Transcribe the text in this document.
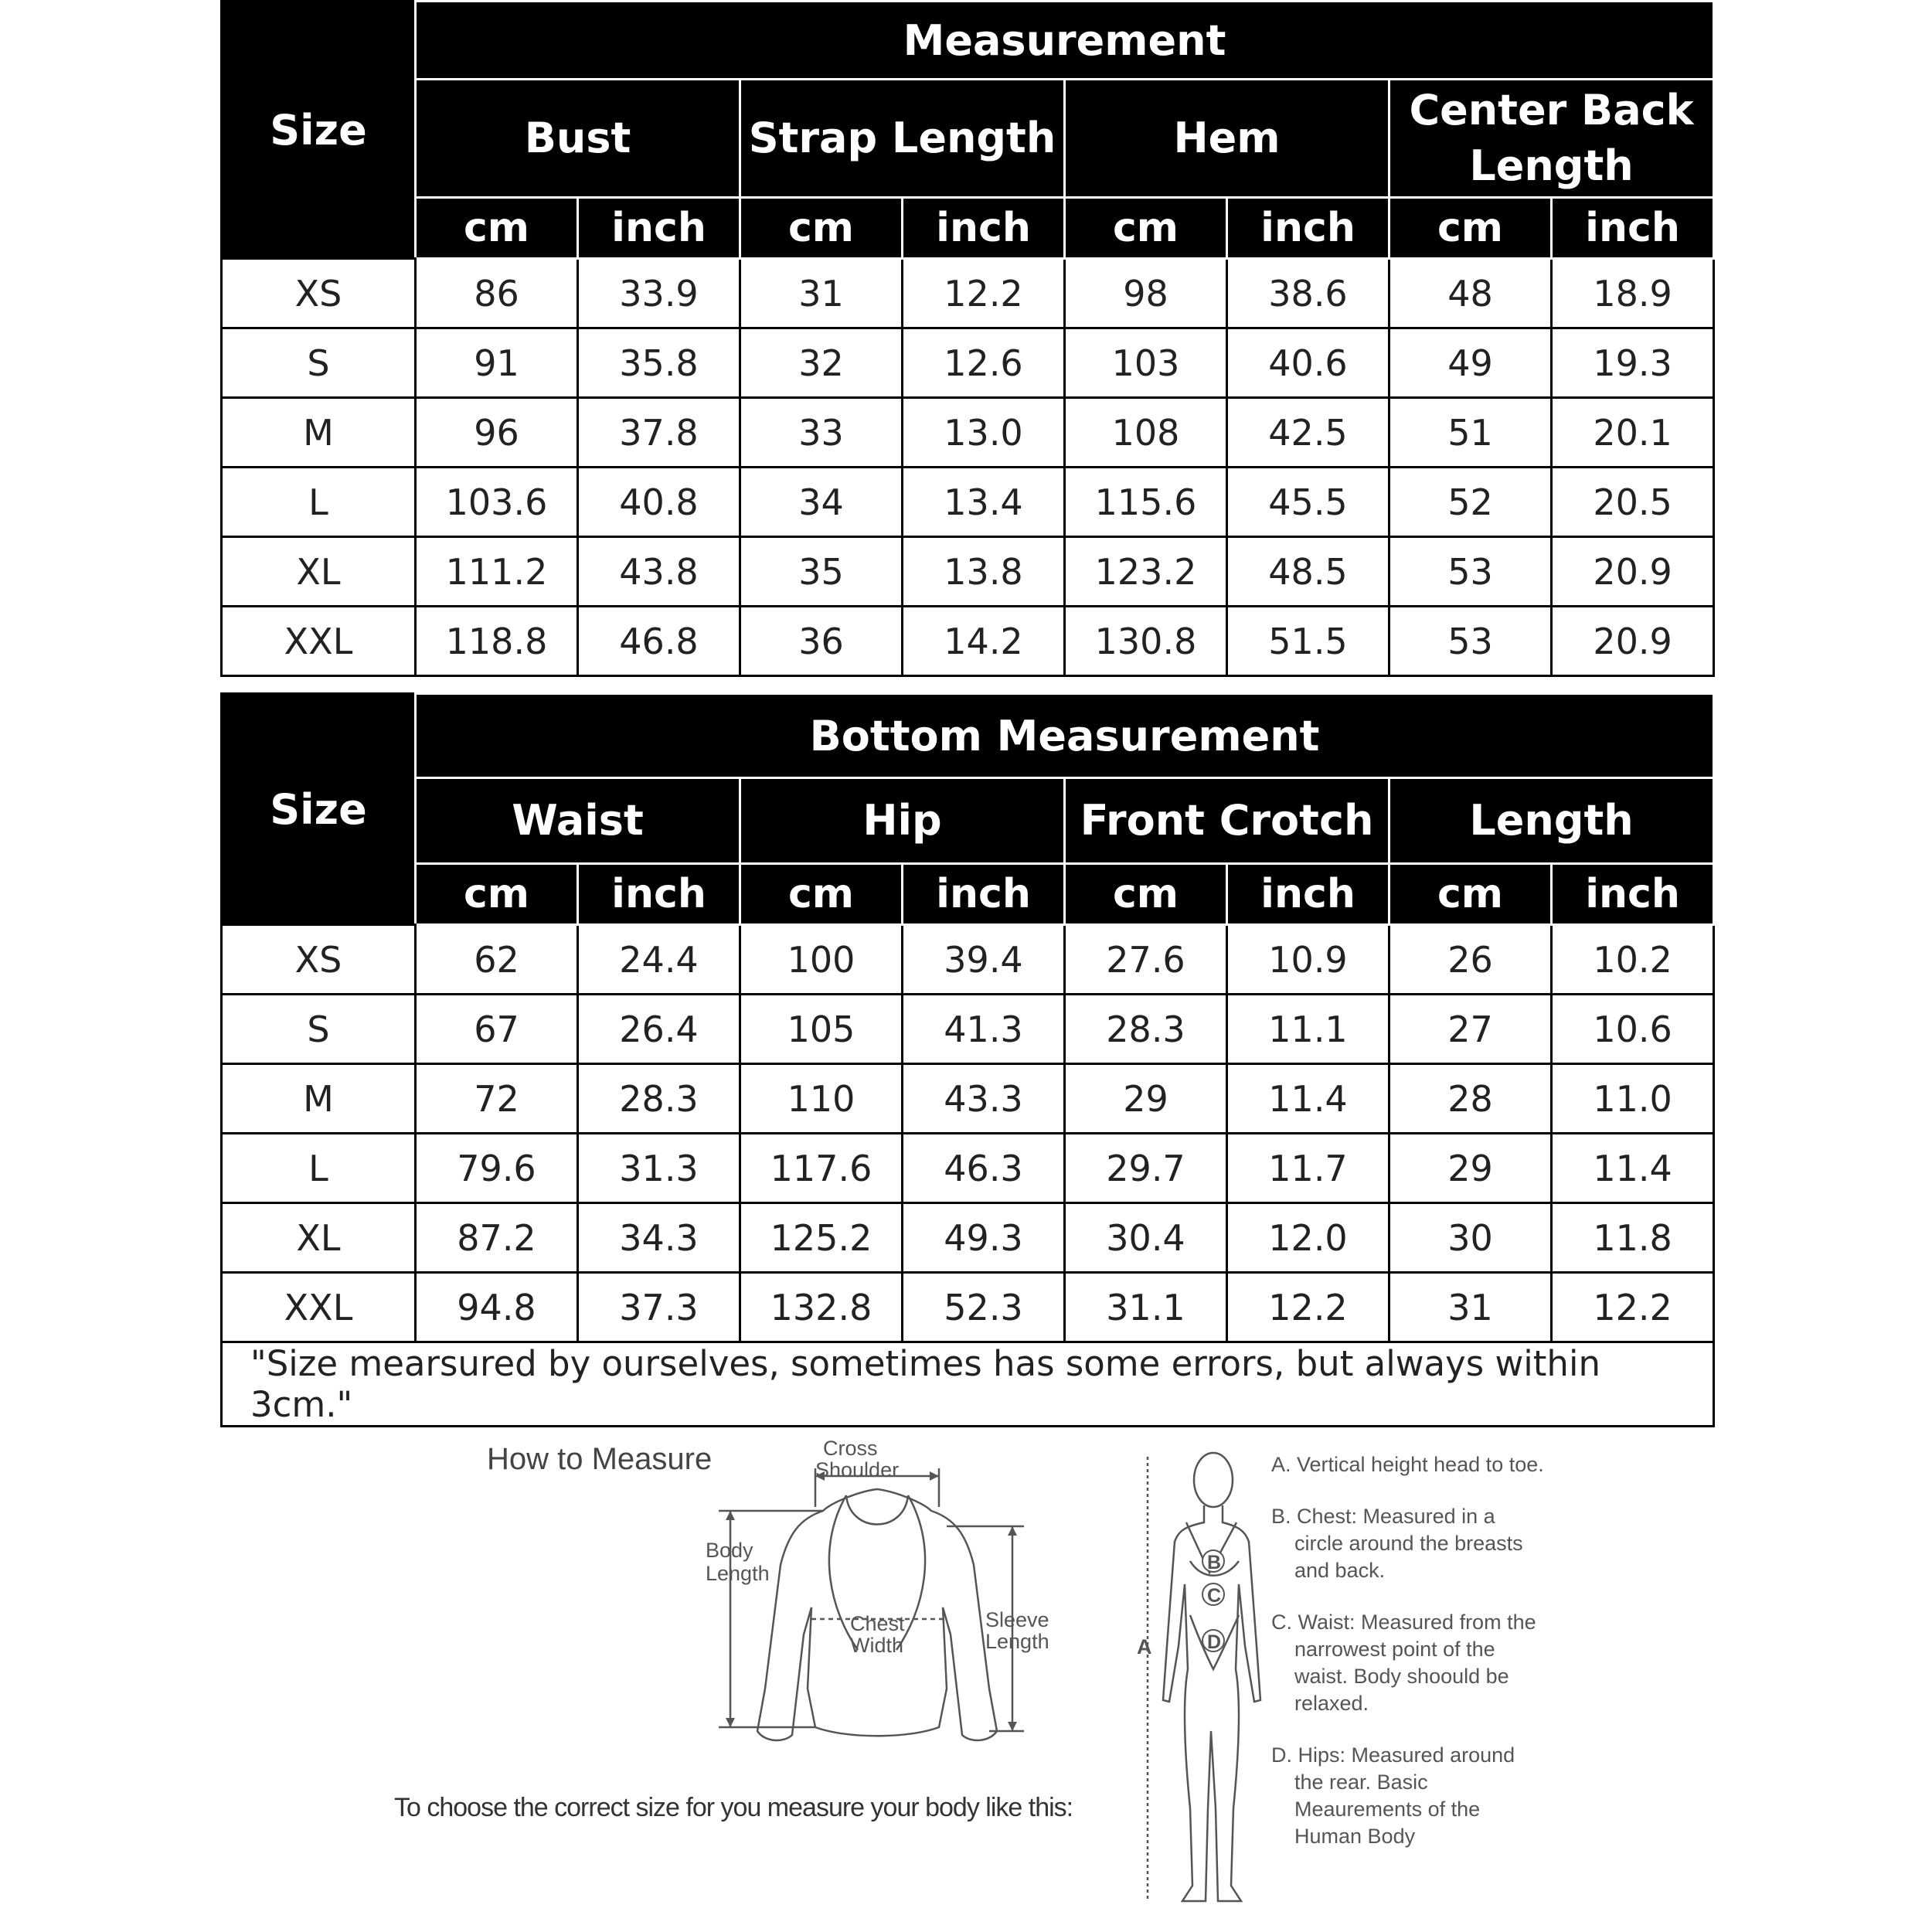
Size	Measurement							
	Bust		Strap Length		Hem		Center Back Length	
	cm	inch	cm	inch	cm	inch	cm	inch
XS	86	33.9	31	12.2	98	38.6	48	18.9
S	91	35.8	32	12.6	103	40.6	49	19.3
M	96	37.8	33	13.0	108	42.5	51	20.1
L	103.6	40.8	34	13.4	115.6	45.5	52	20.5
XL	111.2	43.8	35	13.8	123.2	48.5	53	20.9
XXL	118.8	46.8	36	14.2	130.8	51.5	53	20.9
Size	Bottom Measurement							
	Waist		Hip		Front Crotch		Length	
	cm	inch	cm	inch	cm	inch	cm	inch
XS	62	24.4	100	39.4	27.6	10.9	26	10.2
S	67	26.4	105	41.3	28.3	11.1	27	10.6
M	72	28.3	110	43.3	29	11.4	28	11.0
L	79.6	31.3	117.6	46.3	29.7	11.7	29	11.4
XL	87.2	34.3	125.2	49.3	30.4	12.0	30	11.8
XXL	94.8	37.3	132.8	52.3	31.1	12.2	31	12.2
"Size mearsured by ourselves, sometimes has some errors, but always within 3cm."								
How to Measure	Cross
Shoulder
Body
Length
Chest
Width
Sleeve
Length
B
C
D
A

A. Vertical height head to toe.

B. Chest: Measured in a circle around the breasts and back.

C. Waist: Measured from the narrowest point of the waist. Body shoould be relaxed.

D. Hips: Measured around the rear. Basic Meaurements of the Human Body

To choose the correct size for you measure your body like this:
